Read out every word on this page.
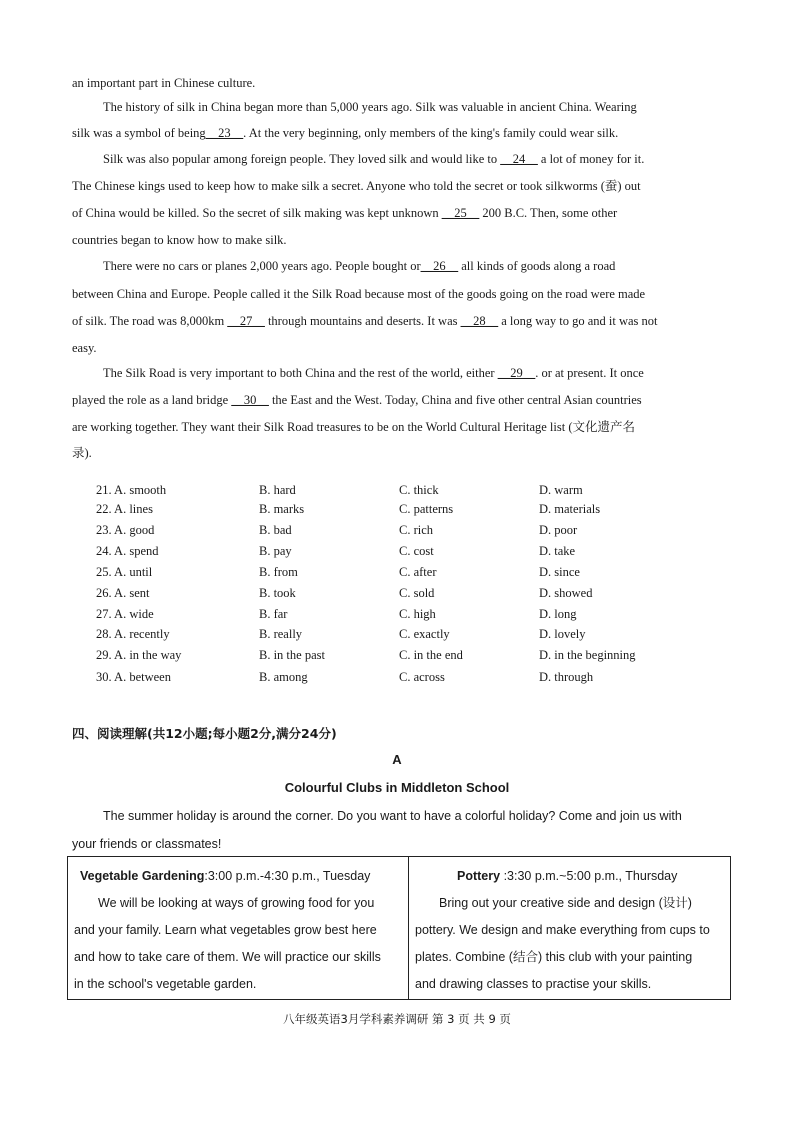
an important part in Chinese culture.
The history of silk in China began more than 5,000 years ago. Silk was valuable in ancient China. Wearing
silk was a symbol of being__23__. At the very beginning, only members of the king's family could wear silk.
Silk was also popular among foreign people. They loved silk and would like to __24__ a lot of money for it.
The Chinese kings used to keep how to make silk a secret. Anyone who told the secret or took silkworms (蚕) out
of China would be killed. So the secret of silk making was kept unknown __25__ 200 B.C. Then, some other
countries began to know how to make silk.
There were no cars or planes 2,000 years ago. People bought or__26__ all kinds of goods along a road
between China and Europe. People called it the Silk Road because most of the goods going on the road were made
of silk. The road was 8,000km __27__ through mountains and deserts. It was __28__ a long way to go and it was not
easy.
The Silk Road is very important to both China and the rest of the world, either __29__. or at present. It once
played the role as a land bridge __30__ the East and the West. Today, China and five other central Asian countries
are working together. They want their Silk Road treasures to be on the World Cultural Heritage list (文化遗产名
录).
21. A. smooth	B. hard	C. thick	D. warm
22. A. lines	B. marks	C. patterns	D. materials
23. A. good	B. bad	C. rich	D. poor
24. A. spend	B. pay	C. cost	D. take
25. A. until	B. from	C. after	D. since
26. A. sent	B. took	C. sold	D. showed
27. A. wide	B. far	C. high	D. long
28. A. recently	B. really	C. exactly	D. lovely
29. A. in the way	B. in the past	C. in the end	D. in the beginning
30. A. between	B. among	C. across	D. through
四、阅读理解(共12小题;每小题2分,满分24分)
A
Colourful Clubs in Middleton School
The summer holiday is around the corner. Do you want to have a colorful holiday? Come and join us with
your friends or classmates!
Vegetable Gardening:3:00 p.m.-4:30 p.m., Tuesday
We will be looking at ways of growing food for you
and your family. Learn what vegetables grow best here
and how to take care of them. We will practice our skills
in the school's vegetable garden.
Pottery :3:30 p.m.~5:00 p.m., Thursday
Bring out your creative side and design (设计)
pottery. We design and make everything from cups to
plates. Combine (结合) this club with your painting
and drawing classes to practise your skills.
八年级英语3月学科素养调研 第 3 页 共 9 页
